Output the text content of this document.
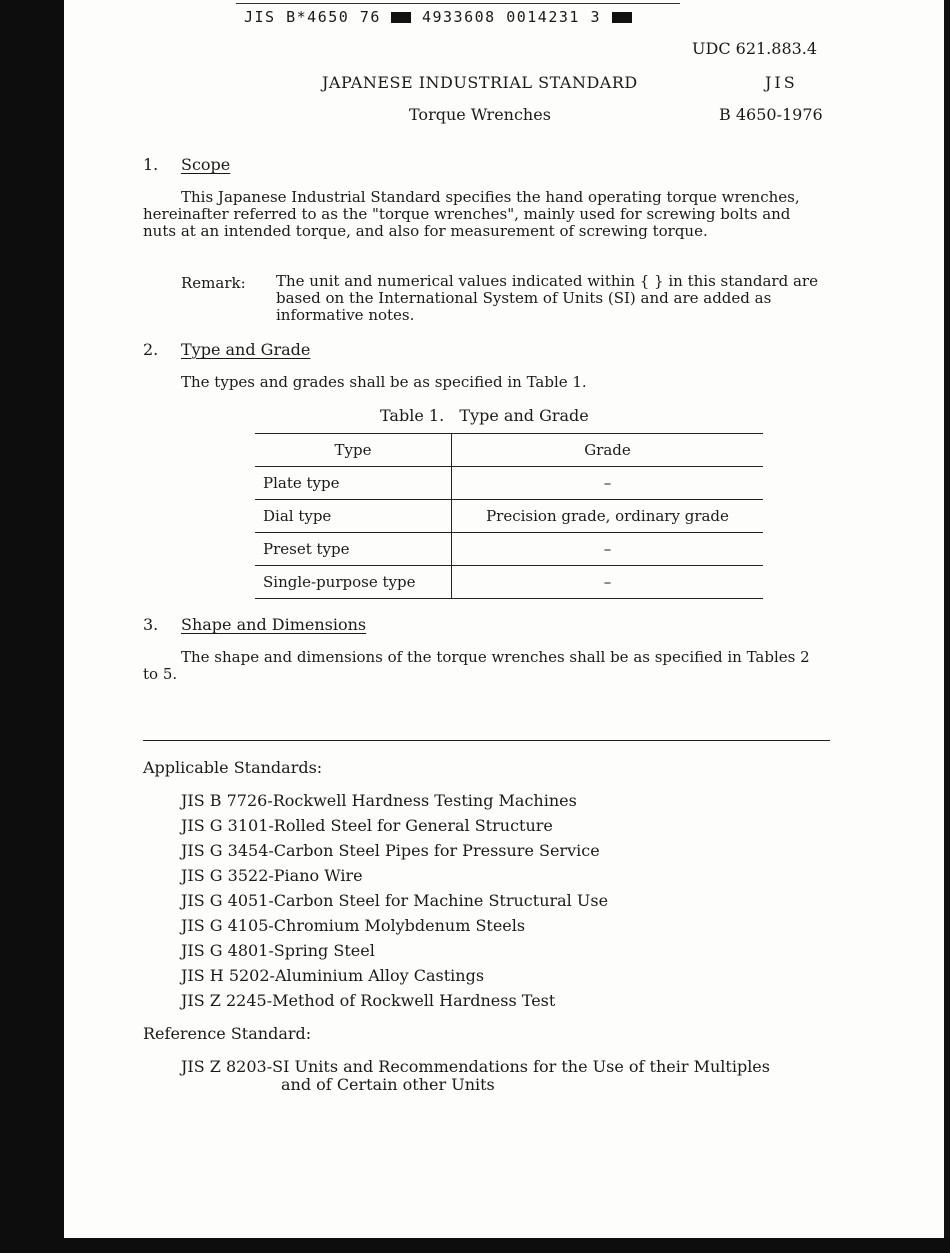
JIS B*4650 76	4933608 0014231 3
UDC 621.883.4
JAPANESE INDUSTRIAL STANDARD	JIS
Torque Wrenches	B 4650-1976
1. Scope
This Japanese Industrial Standard specifies the hand operating torque wrenches, hereinafter referred to as the "torque wrenches", mainly used for screwing bolts and nuts at an intended torque, and also for measurement of screwing torque.
Remark: The unit and numerical values indicated within { } in this standard are based on the International System of Units (SI) and are added as informative notes.
2. Type and Grade
The types and grades shall be as specified in Table 1.
Table 1.   Type and Grade
Type	Grade
Plate type	–
Dial type	Precision grade, ordinary grade
Preset type	–
Single-purpose type	–
3. Shape and Dimensions
The shape and dimensions of the torque wrenches shall be as specified in Tables 2 to 5.
Applicable Standards:
JIS B 7726-Rockwell Hardness Testing Machines
JIS G 3101-Rolled Steel for General Structure
JIS G 3454-Carbon Steel Pipes for Pressure Service
JIS G 3522-Piano Wire
JIS G 4051-Carbon Steel for Machine Structural Use
JIS G 4105-Chromium Molybdenum Steels
JIS G 4801-Spring Steel
JIS H 5202-Aluminium Alloy Castings
JIS Z 2245-Method of Rockwell Hardness Test
Reference Standard:
JIS Z 8203-SI Units and Recommendations for the Use of their Multiples
and of Certain other Units
